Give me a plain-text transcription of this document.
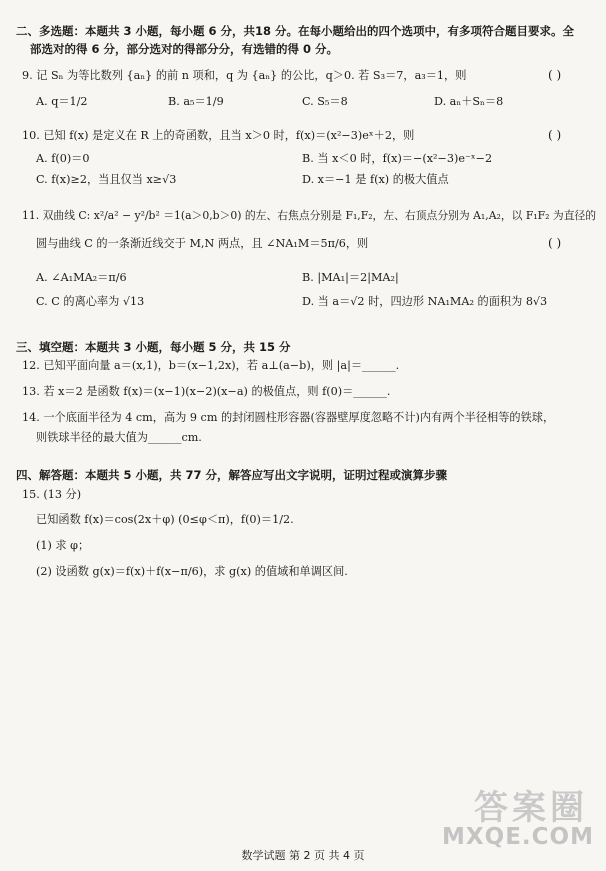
二、多选题：本题共 3 小题，每小题 6 分，共18 分。在每小题给出的四个选项中，有多项符合题目要求。全
部选对的得 6 分，部分选对的得部分分，有选错的得 0 分。
9. 记 Sₙ 为等比数列 {aₙ} 的前 n 项和，q 为 {aₙ} 的公比，q＞0. 若 S₃＝7，a₃＝1，则	( )
A. q＝1/2	B. a₅＝1/9	C. S₅＝8	D. aₙ＋Sₙ＝8
10. 已知 f(x) 是定义在 R 上的奇函数，且当 x＞0 时，f(x)＝(x²−3)eˣ＋2，则	( )
A. f(0)＝0	B. 当 x＜0 时，f(x)＝−(x²−3)e⁻ˣ−2
C. f(x)≥2，当且仅当 x≥√3	D. x＝−1 是 f(x) 的极大值点
11. 双曲线 C: x²/a² − y²/b² ＝1(a＞0,b＞0) 的左、右焦点分别是 F₁,F₂，左、右顶点分别为 A₁,A₂，以 F₁F₂ 为直径的
圆与曲线 C 的一条渐近线交于 M,N 两点，且 ∠NA₁M＝5π/6，则	( )
A. ∠A₁MA₂＝π/6	B. |MA₁|＝2|MA₂|
C. C 的离心率为 √13	D. 当 a＝√2 时，四边形 NA₁MA₂ 的面积为 8√3
三、填空题：本题共 3 小题，每小题 5 分，共 15 分
12. 已知平面向量 a＝(x,1)，b＝(x−1,2x)，若 a⊥(a−b)，则 |a|＝______.
13. 若 x＝2 是函数 f(x)＝(x−1)(x−2)(x−a) 的极值点，则 f(0)＝______.
14. 一个底面半径为 4 cm，高为 9 cm 的封闭圆柱形容器(容器壁厚度忽略不计)内有两个半径相等的铁球，
则铁球半径的最大值为______cm.
四、解答题：本题共 5 小题，共 77 分，解答应写出文字说明，证明过程或演算步骤
15. (13 分)
已知函数 f(x)＝cos(2x＋φ) (0≤φ＜π)，f(0)＝1/2.
(1) 求 φ；
(2) 设函数 g(x)＝f(x)＋f(x−π/6)，求 g(x) 的值域和单调区间.
答案圈
MXQE.COM
数学试题 第 2 页 共 4 页
